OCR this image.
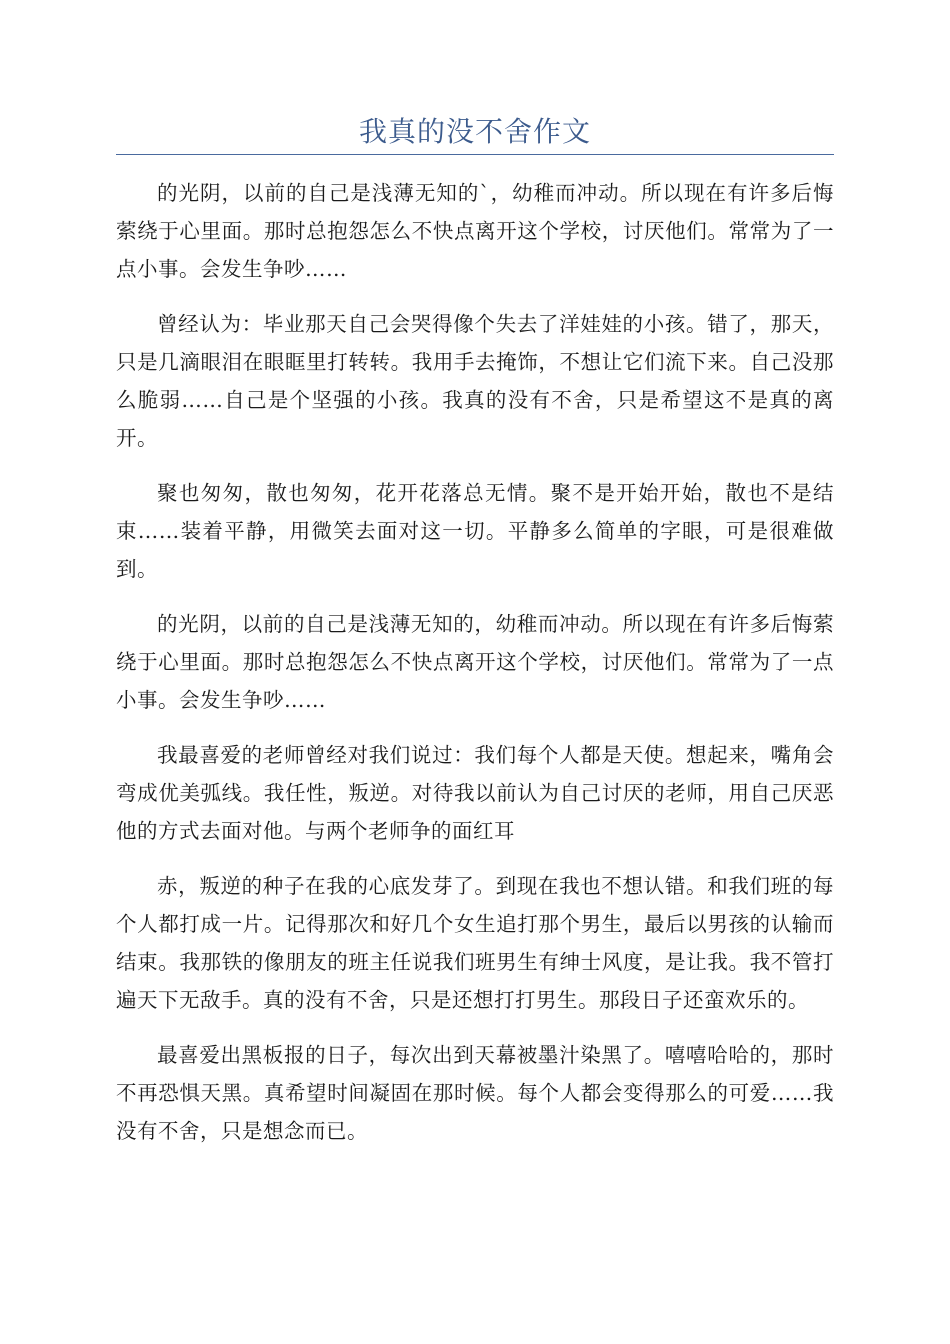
我真的没不舍作文

的光阴，以前的自己是浅薄无知的`，幼稚而冲动。所以现在有许多后悔萦绕于心里面。那时总抱怨怎么不快点离开这个学校，讨厌他们。常常为了一点小事。会发生争吵……

曾经认为：毕业那天自己会哭得像个失去了洋娃娃的小孩。错了，那天，只是几滴眼泪在眼眶里打转转。我用手去掩饰，不想让它们流下来。自己没那么脆弱……自己是个坚强的小孩。我真的没有不舍，只是希望这不是真的离开。

聚也匆匆，散也匆匆，花开花落总无情。聚不是开始开始，散也不是结束……装着平静，用微笑去面对这一切。平静多么简单的字眼，可是很难做到。

的光阴，以前的自己是浅薄无知的，幼稚而冲动。所以现在有许多后悔萦绕于心里面。那时总抱怨怎么不快点离开这个学校，讨厌他们。常常为了一点小事。会发生争吵……

我最喜爱的老师曾经对我们说过：我们每个人都是天使。想起来，嘴角会弯成优美弧线。我任性，叛逆。对待我以前认为自己讨厌的老师，用自己厌恶他的方式去面对他。与两个老师争的面红耳

赤，叛逆的种子在我的心底发芽了。到现在我也不想认错。和我们班的每个人都打成一片。记得那次和好几个女生追打那个男生，最后以男孩的认输而结束。我那铁的像朋友的班主任说我们班男生有绅士风度，是让我。我不管打遍天下无敌手。真的没有不舍，只是还想打打男生。那段日子还蛮欢乐的。

最喜爱出黑板报的日子，每次出到天幕被墨汁染黑了。嘻嘻哈哈的，那时不再恐惧天黑。真希望时间凝固在那时候。每个人都会变得那么的可爱……我没有不舍，只是想念而已。
